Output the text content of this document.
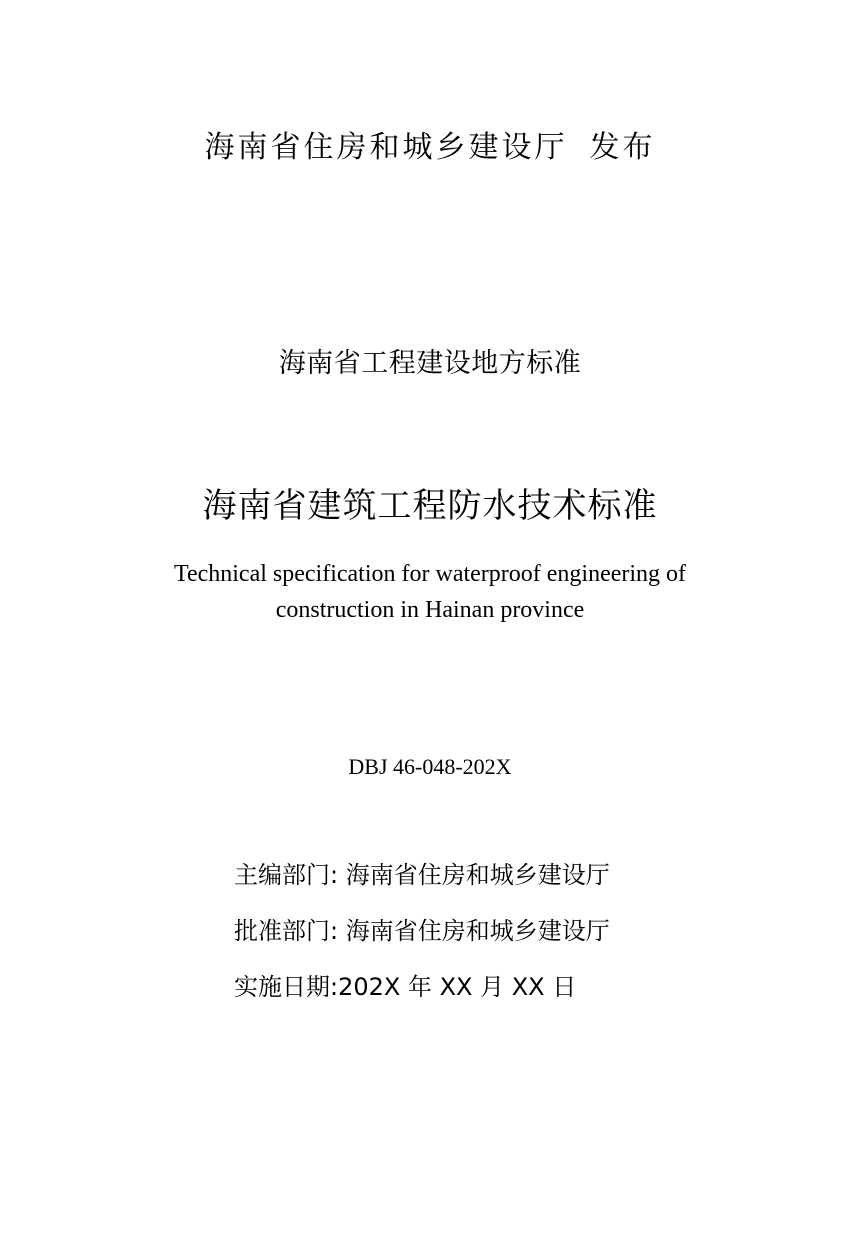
海南省住房和城乡建设厅 发布
海南省工程建设地方标准
海南省建筑工程防水技术标准
Technical specification for waterproof engineering of
construction in Hainan province
DBJ 46-048-202X
主编部门: 海南省住房和城乡建设厅
批准部门: 海南省住房和城乡建设厅
实施日期:202X 年 XX 月 XX 日
